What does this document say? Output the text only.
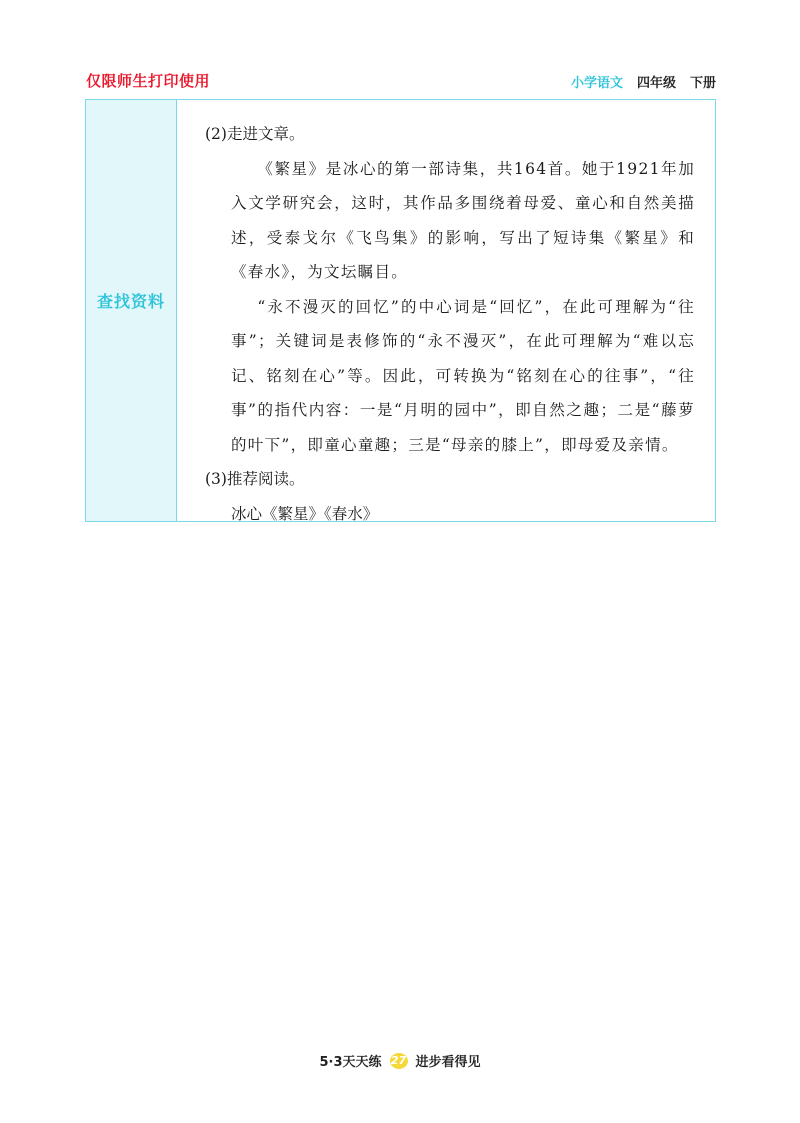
仅限师生打印使用	小学语文 四年级 下册
查找资料

(2)走进文章。

《繁星》是冰心的第一部诗集，共164首。她于1921年加入文学研究会，这时，其作品多围绕着母爱、童心和自然美描述，受泰戈尔《飞鸟集》的影响，写出了短诗集《繁星》和《春水》，为文坛瞩目。

“永不漫灭的回忆”的中心词是“回忆”，在此可理解为“往事”；关键词是表修饰的“永不漫灭”，在此可理解为“难以忘记、铭刻在心”等。因此，可转换为“铭刻在心的往事”，“往事”的指代内容：一是“月明的园中”，即自然之趣；二是“藤萝的叶下”，即童心童趣；三是“母亲的膝上”，即母爱及亲情。

(3)推荐阅读。

冰心《繁星》《春水》

5·3天天练 27 进步看得见
